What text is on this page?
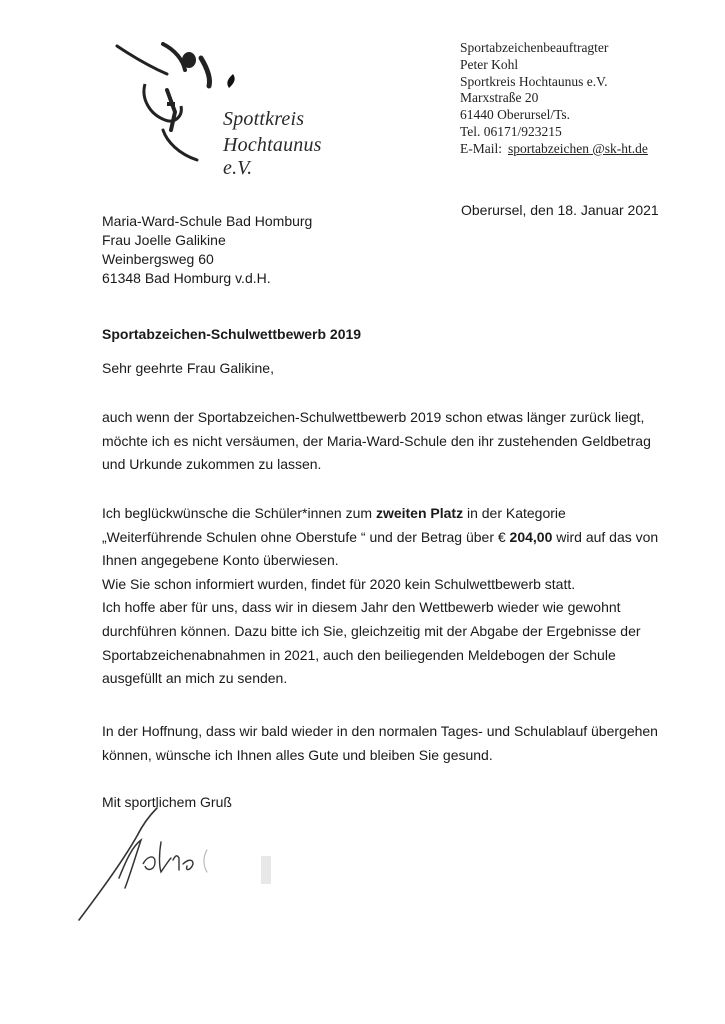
Spottkreis
Hochtaunus e.V.
Sportabzeichenbeauftragter
Peter Kohl
Sportkreis Hochtaunus e.V.
Marxstraße 20
61440 Oberursel/Ts.
Tel. 06171/923215
E-Mail: sportabzeichen @sk-ht.de
Oberursel, den 18. Januar 2021
Maria-Ward-Schule Bad Homburg
Frau Joelle Galikine
Weinbergsweg 60
61348 Bad Homburg v.d.H.
Sportabzeichen-Schulwettbewerb 2019
Sehr geehrte Frau Galikine,
auch wenn der Sportabzeichen-Schulwettbewerb 2019 schon etwas länger zurück liegt,
möchte ich es nicht versäumen, der Maria-Ward-Schule den ihr zustehenden Geldbetrag
und Urkunde zukommen zu lassen.
Ich beglückwünsche die Schüler*innen zum zweiten Platz in der Kategorie
„Weiterführende Schulen ohne Oberstufe “ und der Betrag über € 204,00 wird auf das von
Ihnen angegebene Konto überwiesen.
Wie Sie schon informiert wurden, findet für 2020 kein Schulwettbewerb statt.
Ich hoffe aber für uns, dass wir in diesem Jahr den Wettbewerb wieder wie gewohnt
durchführen können. Dazu bitte ich Sie, gleichzeitig mit der Abgabe der Ergebnisse der
Sportabzeichenabnahmen in 2021, auch den beiliegenden Meldebogen der Schule
ausgefüllt an mich zu senden.
In der Hoffnung, dass wir bald wieder in den normalen Tages- und Schulablauf übergehen
können, wünsche ich Ihnen alles Gute und bleiben Sie gesund.
Mit sportlichem Gruß
